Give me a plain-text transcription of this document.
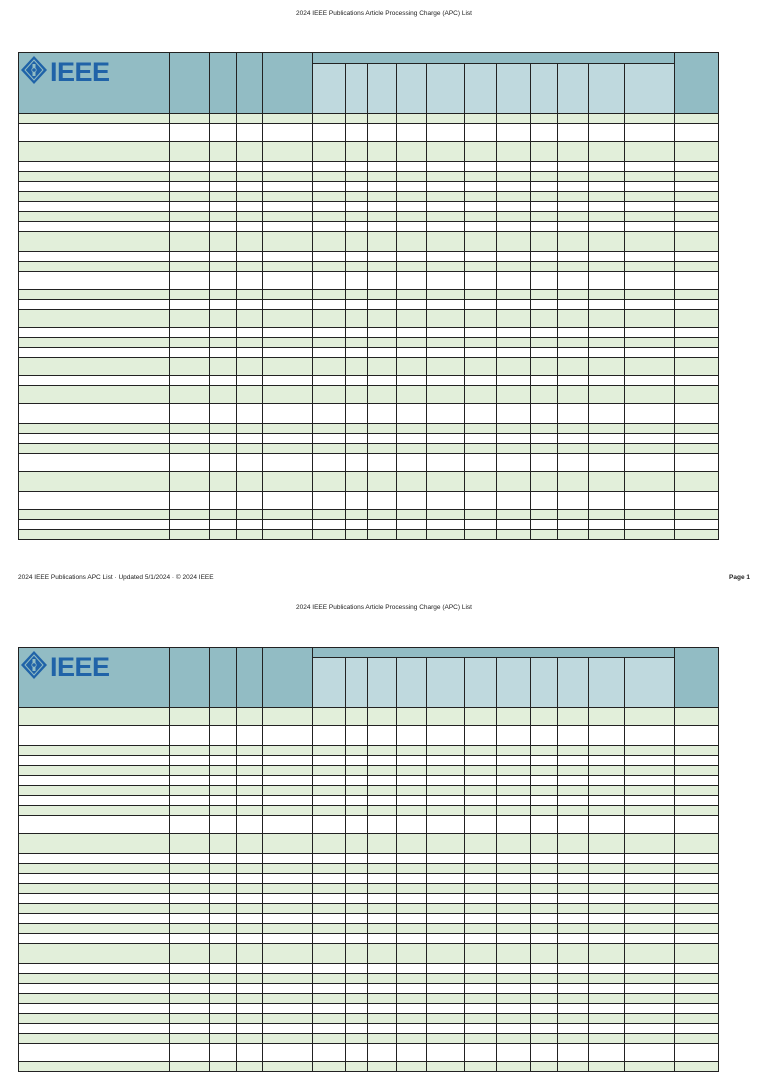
2024 IEEE Publications Article Processing Charge (APC) List
IEEE
2024 IEEE Publications APC List · Updated 5/1/2024 · © 2024 IEEE	Page 1
2024 IEEE Publications Article Processing Charge (APC) List
IEEE
